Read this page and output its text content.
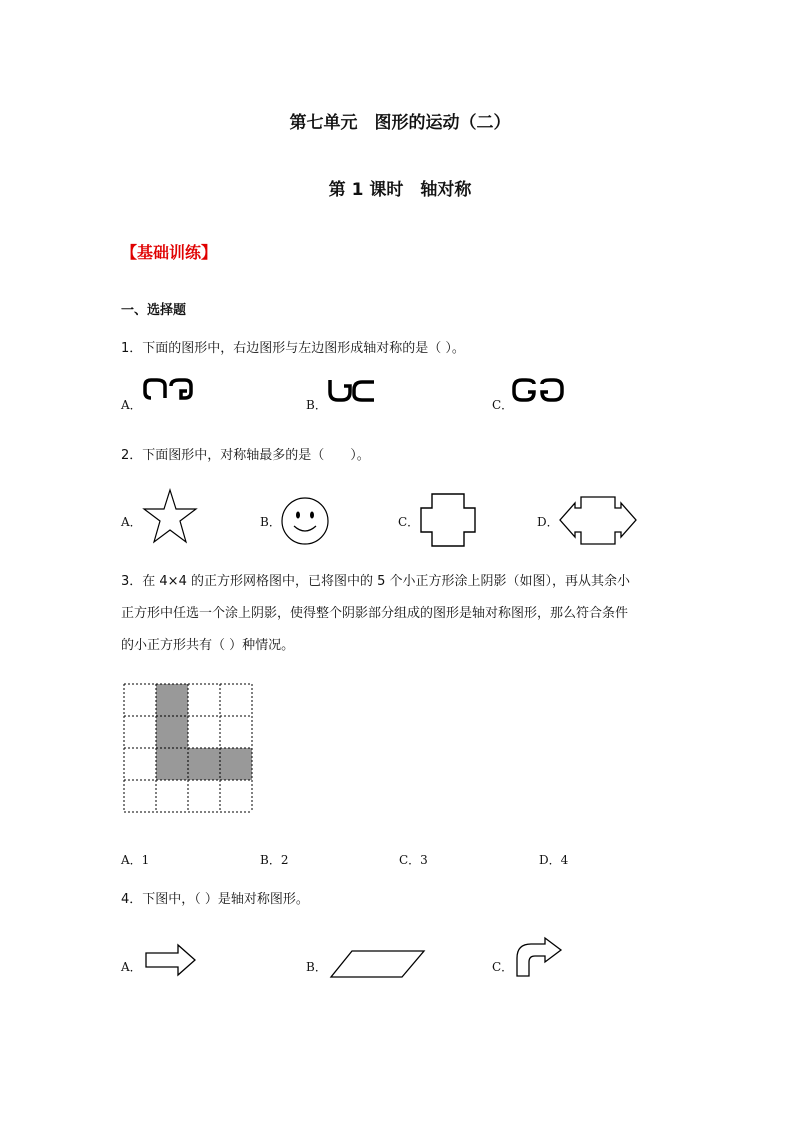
第七单元　图形的运动（二）
第 1 课时　轴对称
【基础训练】
一、选择题
1．下面的图形中，右边图形与左边图形成轴对称的是（ ）。
A．	B．	C．
2．下面图形中，对称轴最多的是（　　）。
A．	B．	C．	D．
3．在 4×4 的正方形网格图中，已将图中的 5 个小正方形涂上阴影（如图），再从其余小
正方形中任选一个涂上阴影，使得整个阴影部分组成的图形是轴对称图形，那么符合条件
的小正方形共有（ ）种情况。
A．1	B．2	C．3	D．4
4．下图中，（ ）是轴对称图形。
A．	B．	C．
